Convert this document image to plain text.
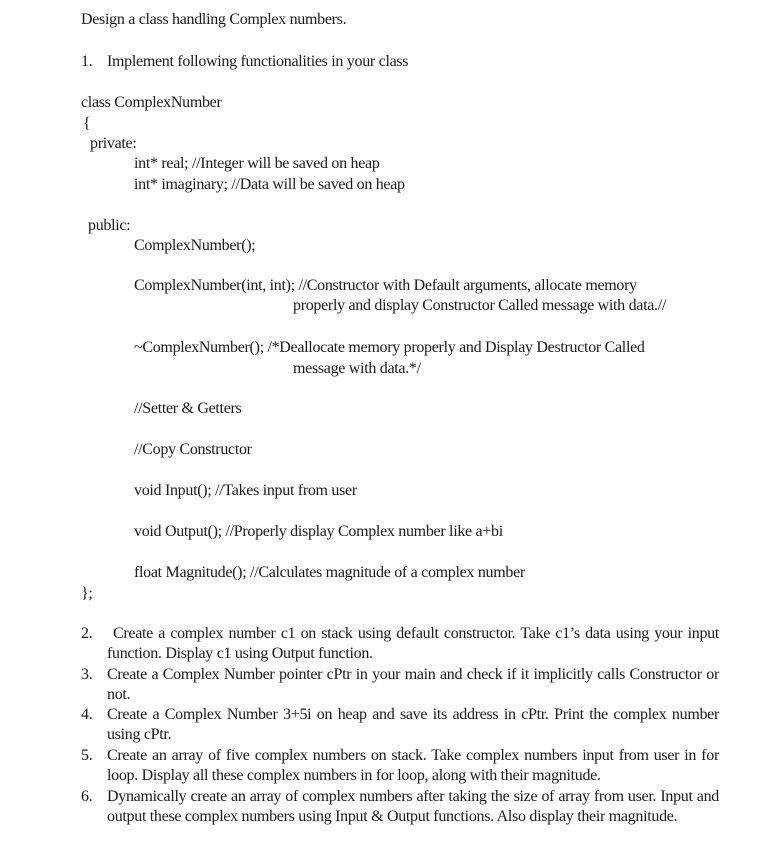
Design a class handling Complex numbers.
1. Implement following functionalities in your class
class ComplexNumber
{
private:
int* real; //Integer will be saved on heap
int* imaginary; //Data will be saved on heap
public:
ComplexNumber();
ComplexNumber(int, int); //Constructor with Default arguments, allocate memory
properly and display Constructor Called message with data.//
~ComplexNumber(); /*Deallocate memory properly and Display Destructor Called
message with data.*/
//Setter & Getters
//Copy Constructor
void Input(); //Takes input from user
void Output(); //Properly display Complex number like a+bi
float Magnitude(); //Calculates magnitude of a complex number
};
2.	Create a complex number c1 on stack using default constructor. Take c1’s data using your input function. Display c1 using Output function.
3. Create a Complex Number pointer cPtr in your main and check if it implicitly calls Constructor or not.
4. Create a Complex Number 3+5i on heap and save its address in cPtr. Print the complex number using cPtr.
5. Create an array of five complex numbers on stack. Take complex numbers input from user in for loop. Display all these complex numbers in for loop, along with their magnitude.
6. Dynamically create an array of complex numbers after taking the size of array from user. Input and output these complex numbers using Input & Output functions. Also display their magnitude.
